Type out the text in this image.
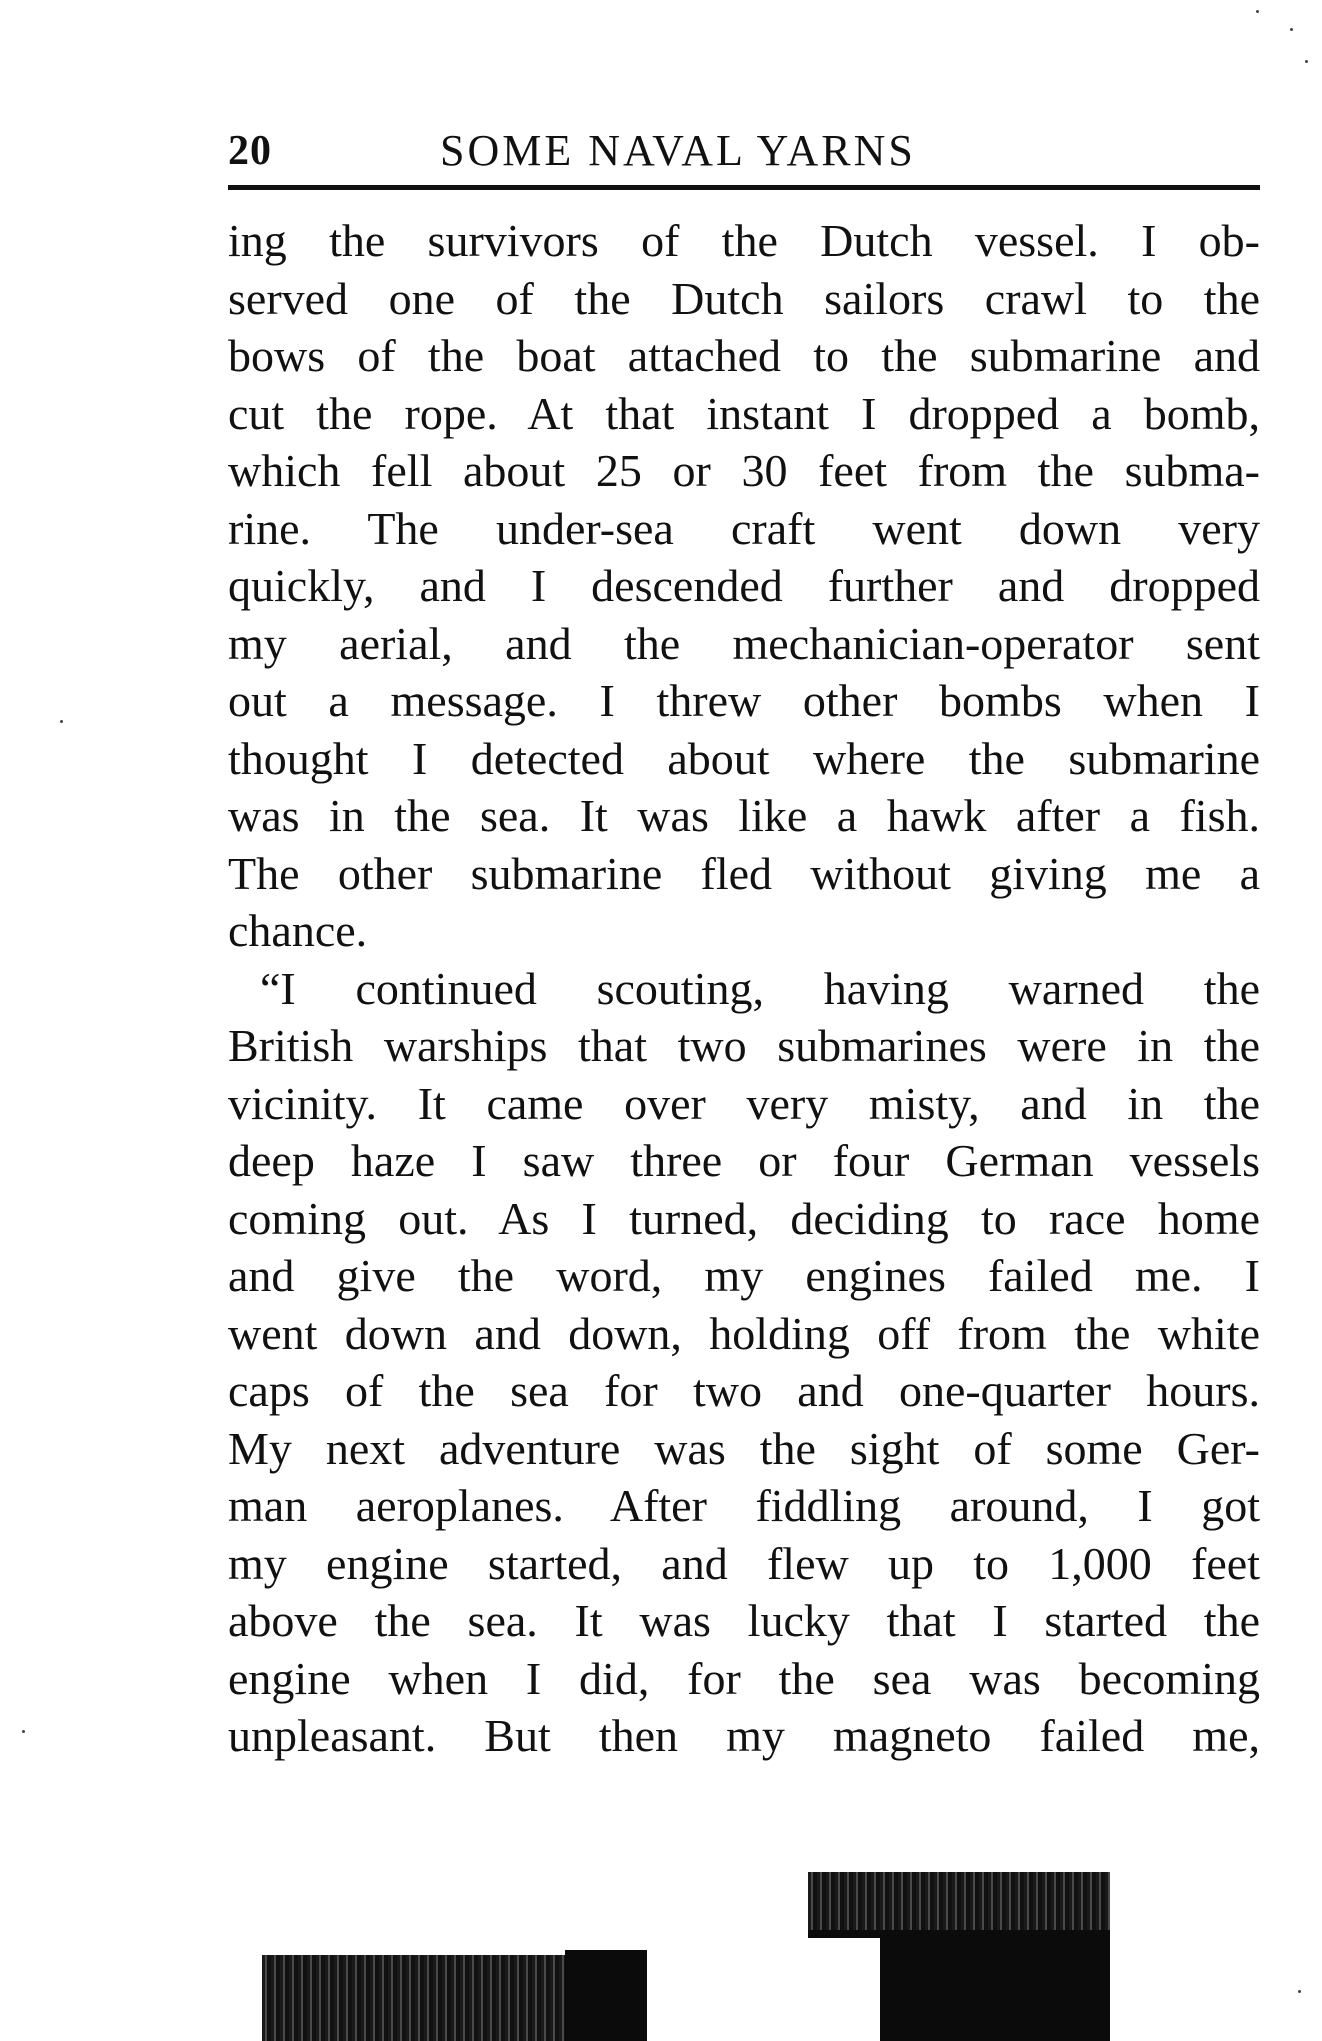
20	SOME NAVAL YARNS
ing the survivors of the Dutch vessel. I ob-
served one of the Dutch sailors crawl to the
bows of the boat attached to the submarine and
cut the rope. At that instant I dropped a bomb,
which fell about 25 or 30 feet from the subma-
rine. The under-sea craft went down very
quickly, and I descended further and dropped
my aerial, and the mechanician-operator sent
out a message. I threw other bombs when I
thought I detected about where the submarine
was in the sea. It was like a hawk after a fish.
The other submarine fled without giving me a
chance.
“I continued scouting, having warned the
British warships that two submarines were in the
vicinity. It came over very misty, and in the
deep haze I saw three or four German vessels
coming out. As I turned, deciding to race home
and give the word, my engines failed me. I
went down and down, holding off from the white
caps of the sea for two and one-quarter hours.
My next adventure was the sight of some Ger-
man aeroplanes. After fiddling around, I got
my engine started, and flew up to 1,000 feet
above the sea. It was lucky that I started the
engine when I did, for the sea was becoming
unpleasant. But then my magneto failed me,
